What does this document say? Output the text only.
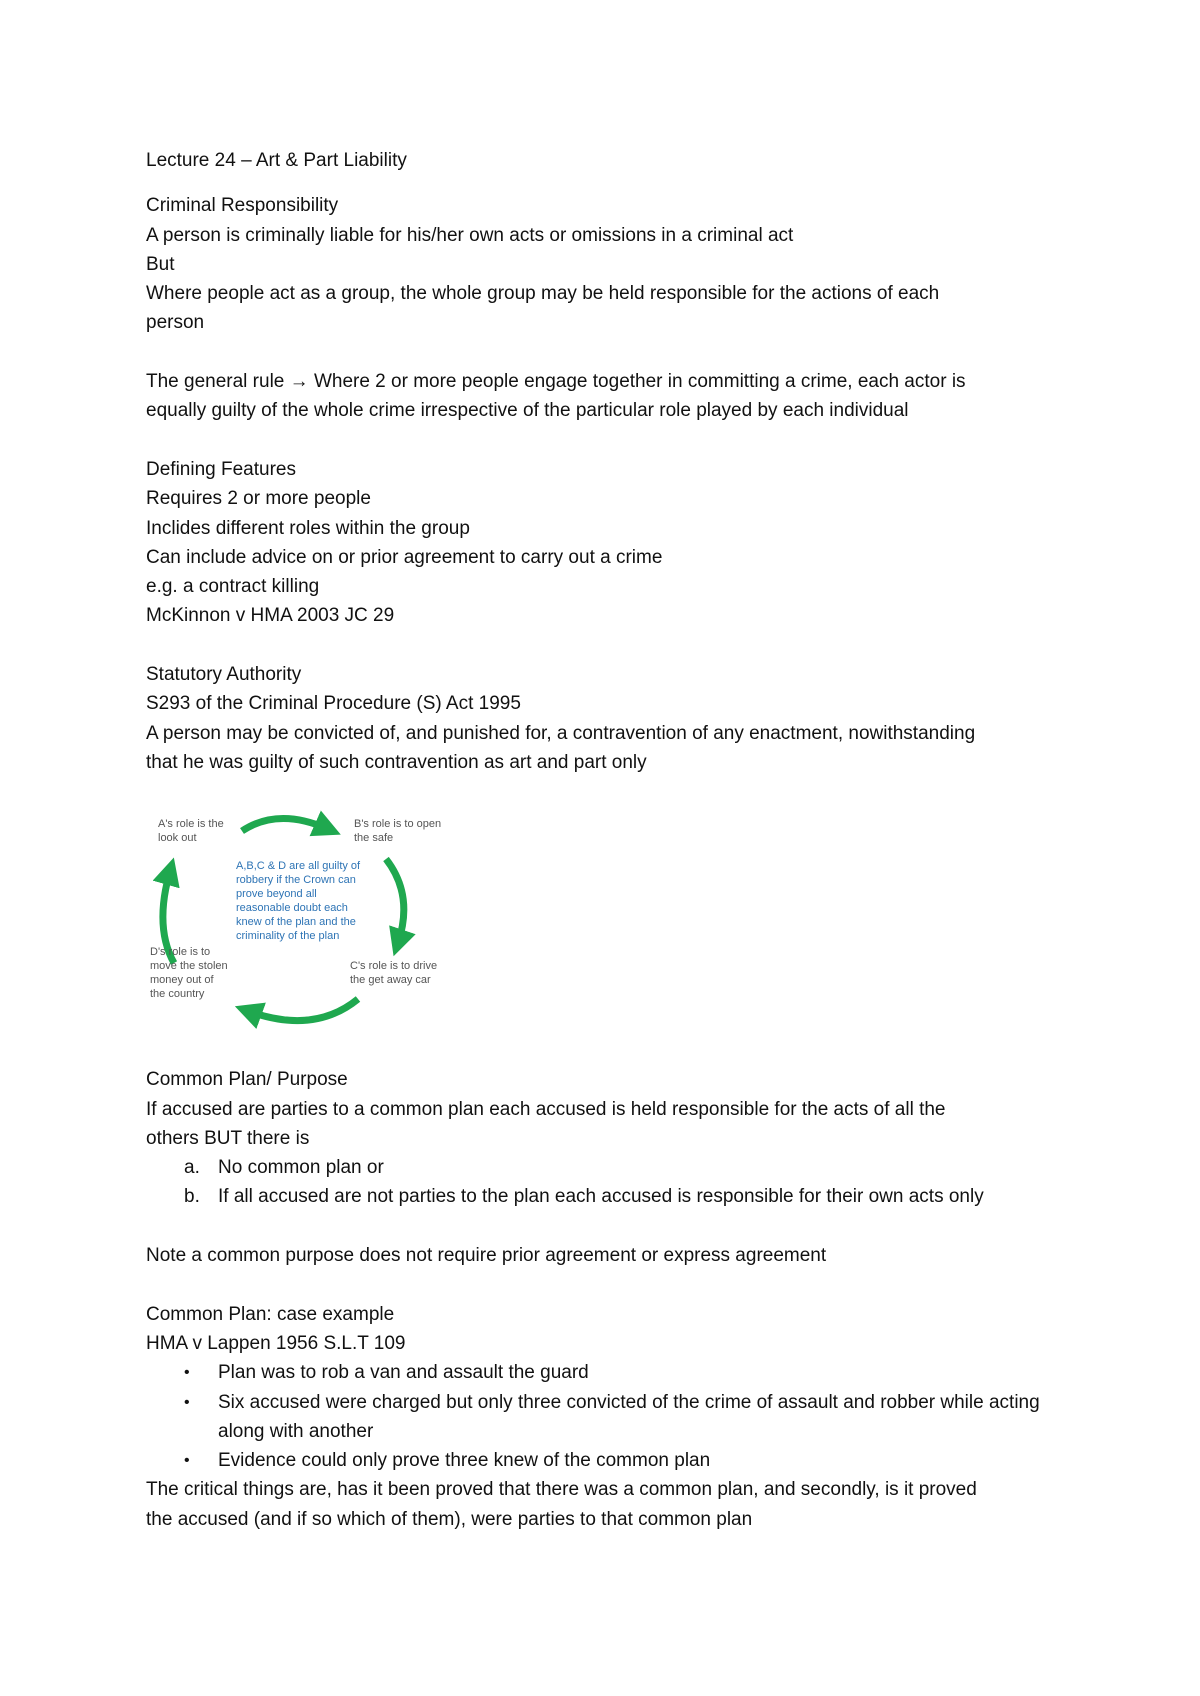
Lecture 24 – Art & Part Liability
Criminal Responsibility
A person is criminally liable for his/her own acts or omissions in a criminal act
But
Where people act as a group, the whole group may be held responsible for the actions of each
person
The general rule → Where 2 or more people engage together in committing a crime, each actor is
equally guilty of the whole crime irrespective of the particular role played by each individual
Defining Features
Requires 2 or more people
Inclides different roles within the group
Can include advice on or prior agreement to carry out a crime
e.g. a contract killing
McKinnon v HMA 2003 JC 29
Statutory Authority
S293 of the Criminal Procedure (S) Act 1995
A person may be convicted of, and punished for, a contravention of any enactment, nowithstanding
that he was guilty of such contravention as art and part only
A's role is the look out
B's role is to open the safe
C's role is to drive the get away car
D's role is to move the stolen money out of the country
A,B,C & D are all guilty of robbery if the Crown can prove beyond all reasonable doubt each knew of the plan and the criminality of the plan
Common Plan/ Purpose
If accused are parties to a common plan each accused is held responsible for the acts of all the
others BUT there is
a. No common plan or
b. If all accused are not parties to the plan each accused is responsible for their own acts only
Note a common purpose does not require prior agreement or express agreement
Common Plan: case example
HMA v Lappen 1956 S.L.T 109
• Plan was to rob a van and assault the guard
• Six accused were charged but only three convicted of the crime of assault and robber while acting along with another
• Evidence could only prove three knew of the common plan
The critical things are, has it been proved that there was a common plan, and secondly, is it proved
the accused (and if so which of them), were parties to that common plan
